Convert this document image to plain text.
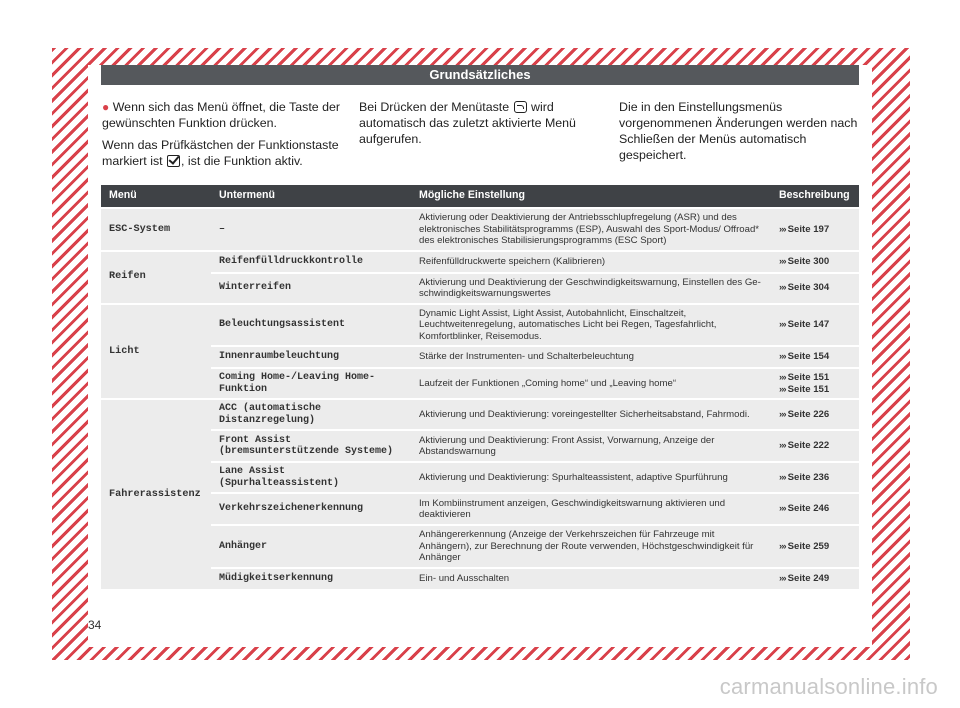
Grundsätzliches

● Wenn sich das Menü öffnet, die Taste der gewünschten Funktion drücken.

Wenn das Prüfkästchen der Funktionstaste markiert ist , ist die Funktion aktiv.

Bei Drücken der Menütaste  wird automatisch das zuletzt aktivierte Menü aufgerufen.

Die in den Einstellungsmenüs vorgenommenen Änderungen werden nach Schließen der Menüs automatisch gespeichert.

Menü	Untermenü	Mögliche Einstellung	Beschreibung
ESC-System	–	Aktivierung oder Deaktivierung der Antriebsschlupfregelung (ASR) und des elektronisches Stabilitätsprogramms (ESP), Auswahl des Sport-Modus/ Offroad* des elektronisches Stabilisierungsprogramms (ESC Sport)	››› Seite 197

Reifen	Reifenfülldruckkontrolle	Reifenfülldruckwerte speichern (Kalibrieren)	››› Seite 300

	Winterreifen	Aktivierung und Deaktivierung der Geschwindigkeitswarnung, Einstellen des Geschwindigkeitswarnungswertes	››› Seite 304

Licht	Beleuchtungsassistent	Dynamic Light Assist, Light Assist, Autobahnlicht, Einschaltzeit, Leuchtweitenregelung, automatisches Licht bei Regen, Tagesfahrlicht, Komfortblinker, Reisemodus.	››› Seite 147

	Innenraumbeleuchtung	Stärke der Instrumenten- und Schalterbeleuchtung	››› Seite 154

	Coming Home-/Leaving Home-Funktion	Laufzeit der Funktionen „Coming home“ und „Leaving home“	››› Seite 151
››› Seite 151

Fahrerassistenz	ACC (automatische Distanzregelung)	Aktivierung und Deaktivierung: voreingestellter Sicherheitsabstand, Fahrmodi.	››› Seite 226

	Front Assist (bremsunterstützende Systeme)	Aktivierung und Deaktivierung: Front Assist, Vorwarnung, Anzeige der Abstandswarnung	››› Seite 222

	Lane Assist (Spurhalteassistent)	Aktivierung und Deaktivierung: Spurhalteassistent, adaptive Spurführung	››› Seite 236

	Verkehrszeichenerkennung	Im Kombiinstrument anzeigen, Geschwindigkeitswarnung aktivieren und deaktivieren	››› Seite 246

	Anhänger	Anhängererkennung (Anzeige der Verkehrszeichen für Fahrzeuge mit Anhängern), zur Berechnung der Route verwenden, Höchstgeschwindigkeit für Anhänger	››› Seite 259

	Müdigkeitserkennung	Ein- und Ausschalten	››› Seite 249
34
carmanualsonline.info
